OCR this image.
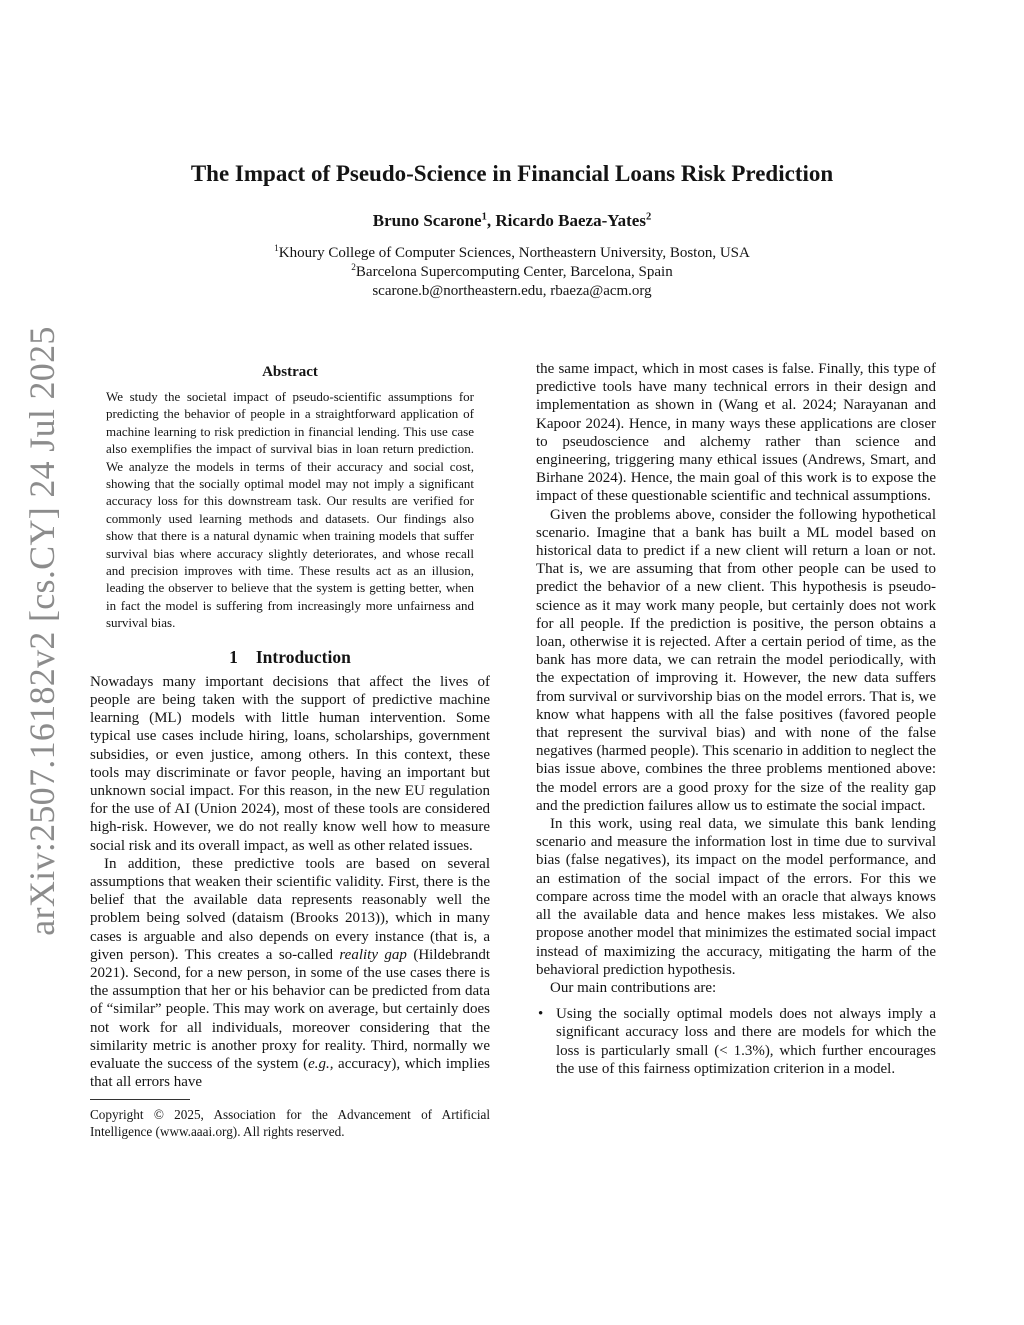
arXiv:2507.16182v2 [cs.CY] 24 Jul 2025
The Impact of Pseudo-Science in Financial Loans Risk Prediction
Bruno Scarone$^1$, Ricardo Baeza-Yates$^2$
$^1$Khoury College of Computer Sciences, Northeastern University, Boston, USA
$^2$Barcelona Supercomputing Center, Barcelona, Spain
scarone.b@northeastern.edu, rbaeza@acm.org
Abstract
We study the societal impact of pseudo-scientific assumptions for predicting the behavior of people in a straightforward application of machine learning to risk prediction in financial lending. This use case also exemplifies the impact of survival bias in loan return prediction. We analyze the models in terms of their accuracy and social cost, showing that the socially optimal model may not imply a significant accuracy loss for this downstream task. Our results are verified for commonly used learning methods and datasets. Our findings also show that there is a natural dynamic when training models that suffer survival bias where accuracy slightly deteriorates, and whose recall and precision improves with time. These results act as an illusion, leading the observer to believe that the system is getting better, when in fact the model is suffering from increasingly more unfairness and survival bias.
1 Introduction

Nowadays many important decisions that affect the lives of people are being taken with the support of predictive machine learning (ML) models with little human intervention. Some typical use cases include hiring, loans, scholarships, government subsidies, or even justice, among others. In this context, these tools may discriminate or favor people, having an important but unknown social impact. For this reason, in the new EU regulation for the use of AI (Union 2024), most of these tools are considered high-risk. However, we do not really know well how to measure social risk and its overall impact, as well as other related issues.

In addition, these predictive tools are based on several assumptions that weaken their scientific validity. First, there is the belief that the available data represents reasonably well the problem being solved (dataism (Brooks 2013)), which in many cases is arguable and also depends on every instance (that is, a given person). This creates a so-called reality gap (Hildebrandt 2021). Second, for a new person, in some of the use cases there is the assumption that her or his behavior can be predicted from data of “similar” people. This may work on average, but certainly does not work for all individuals, moreover considering that the similarity metric is another proxy for reality. Third, normally we evaluate the success of the system (e.g., accuracy), which implies that all errors have

Copyright © 2025, Association for the Advancement of Artificial Intelligence (www.aaai.org). All rights reserved.

the same impact, which in most cases is false. Finally, this type of predictive tools have many technical errors in their design and implementation as shown in (Wang et al. 2024; Narayanan and Kapoor 2024). Hence, in many ways these applications are closer to pseudoscience and alchemy rather than science and engineering, triggering many ethical issues (Andrews, Smart, and Birhane 2024). Hence, the main goal of this work is to expose the impact of these questionable scientific and technical assumptions.

Given the problems above, consider the following hypothetical scenario. Imagine that a bank has built a ML model based on historical data to predict if a new client will return a loan or not. That is, we are assuming that from other people can be used to predict the behavior of a new client. This hypothesis is pseudo-science as it may work many people, but certainly does not work for all people. If the prediction is positive, the person obtains a loan, otherwise it is rejected. After a certain period of time, as the bank has more data, we can retrain the model periodically, with the expectation of improving it. However, the new data suffers from survival or survivorship bias on the model errors. That is, we know what happens with all the false positives (favored people that represent the survival bias) and with none of the false negatives (harmed people). This scenario in addition to neglect the bias issue above, combines the three problems mentioned above: the model errors are a good proxy for the size of the reality gap and the prediction failures allow us to estimate the social impact.

In this work, using real data, we simulate this bank lending scenario and measure the information lost in time due to survival bias (false negatives), its impact on the model performance, and an estimation of the social impact of the errors. For this we compare across time the model with an oracle that always knows all the available data and hence makes less mistakes. We also propose another model that minimizes the estimated social impact instead of maximizing the accuracy, mitigating the harm of the behavioral prediction hypothesis.

Our main contributions are:

• Using the socially optimal models does not always imply a significant accuracy loss and there are models for which the loss is particularly small (< 1.3%), which further encourages the use of this fairness optimization criterion in a model.
